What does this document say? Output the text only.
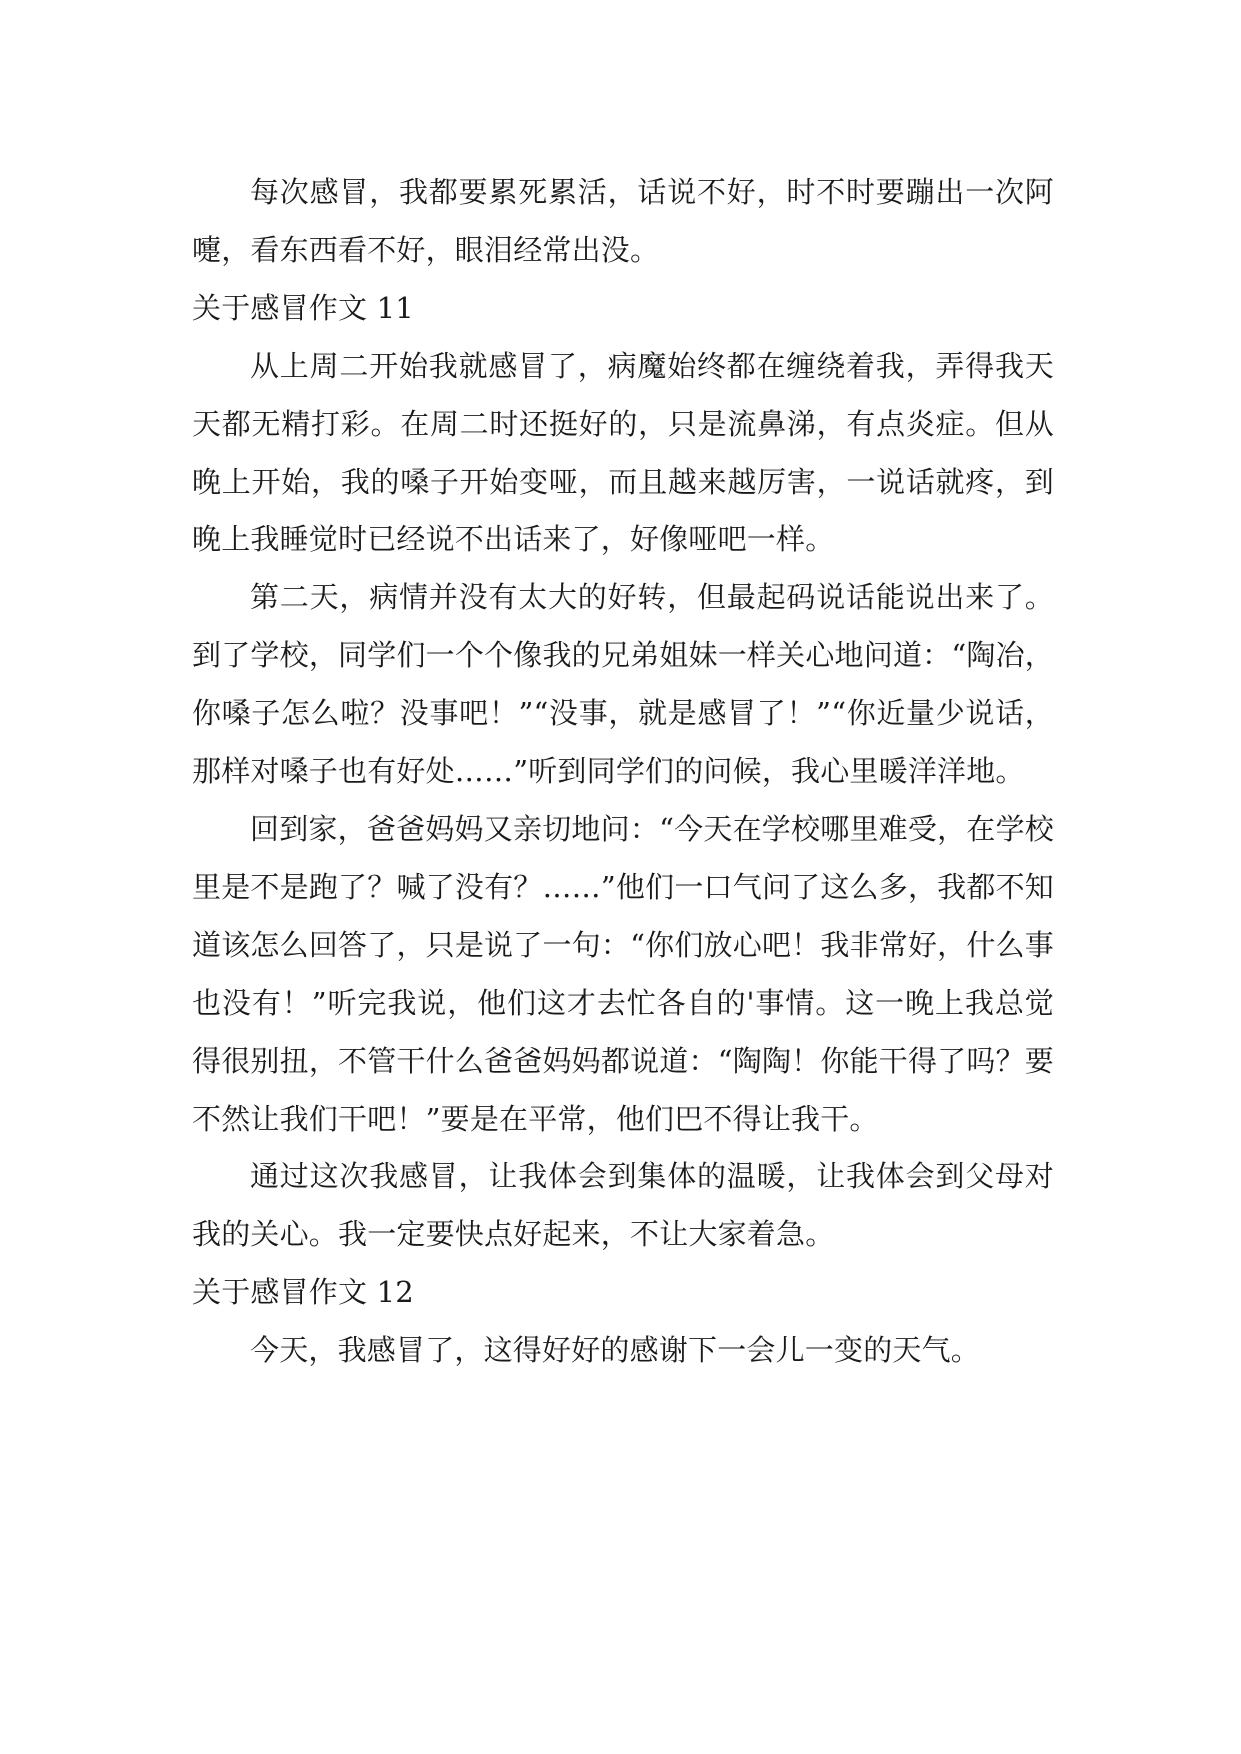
每次感冒，我都要累死累活，话说不好，时不时要蹦出一次阿嚏，看东西看不好，眼泪经常出没。

关于感冒作文 11

从上周二开始我就感冒了，病魔始终都在缠绕着我，弄得我天天都无精打彩。在周二时还挺好的，只是流鼻涕，有点炎症。但从晚上开始，我的嗓子开始变哑，而且越来越厉害，一说话就疼，到晚上我睡觉时已经说不出话来了，好像哑吧一样。

第二天，病情并没有太大的好转，但最起码说话能说出来了。到了学校，同学们一个个像我的兄弟姐妹一样关心地问道：“陶冶，你嗓子怎么啦？没事吧！”“没事，就是感冒了！”“你近量少说话，那样对嗓子也有好处……”听到同学们的问候，我心里暖洋洋地。

回到家，爸爸妈妈又亲切地问：“今天在学校哪里难受，在学校里是不是跑了？喊了没有？……”他们一口气问了这么多，我都不知道该怎么回答了，只是说了一句：“你们放心吧！我非常好，什么事也没有！”听完我说，他们这才去忙各自的'事情。这一晚上我总觉得很别扭，不管干什么爸爸妈妈都说道：“陶陶！你能干得了吗？要不然让我们干吧！”要是在平常，他们巴不得让我干。

通过这次我感冒，让我体会到集体的温暖，让我体会到父母对我的关心。我一定要快点好起来，不让大家着急。

关于感冒作文 12

今天，我感冒了，这得好好的感谢下一会儿一变的天气。
